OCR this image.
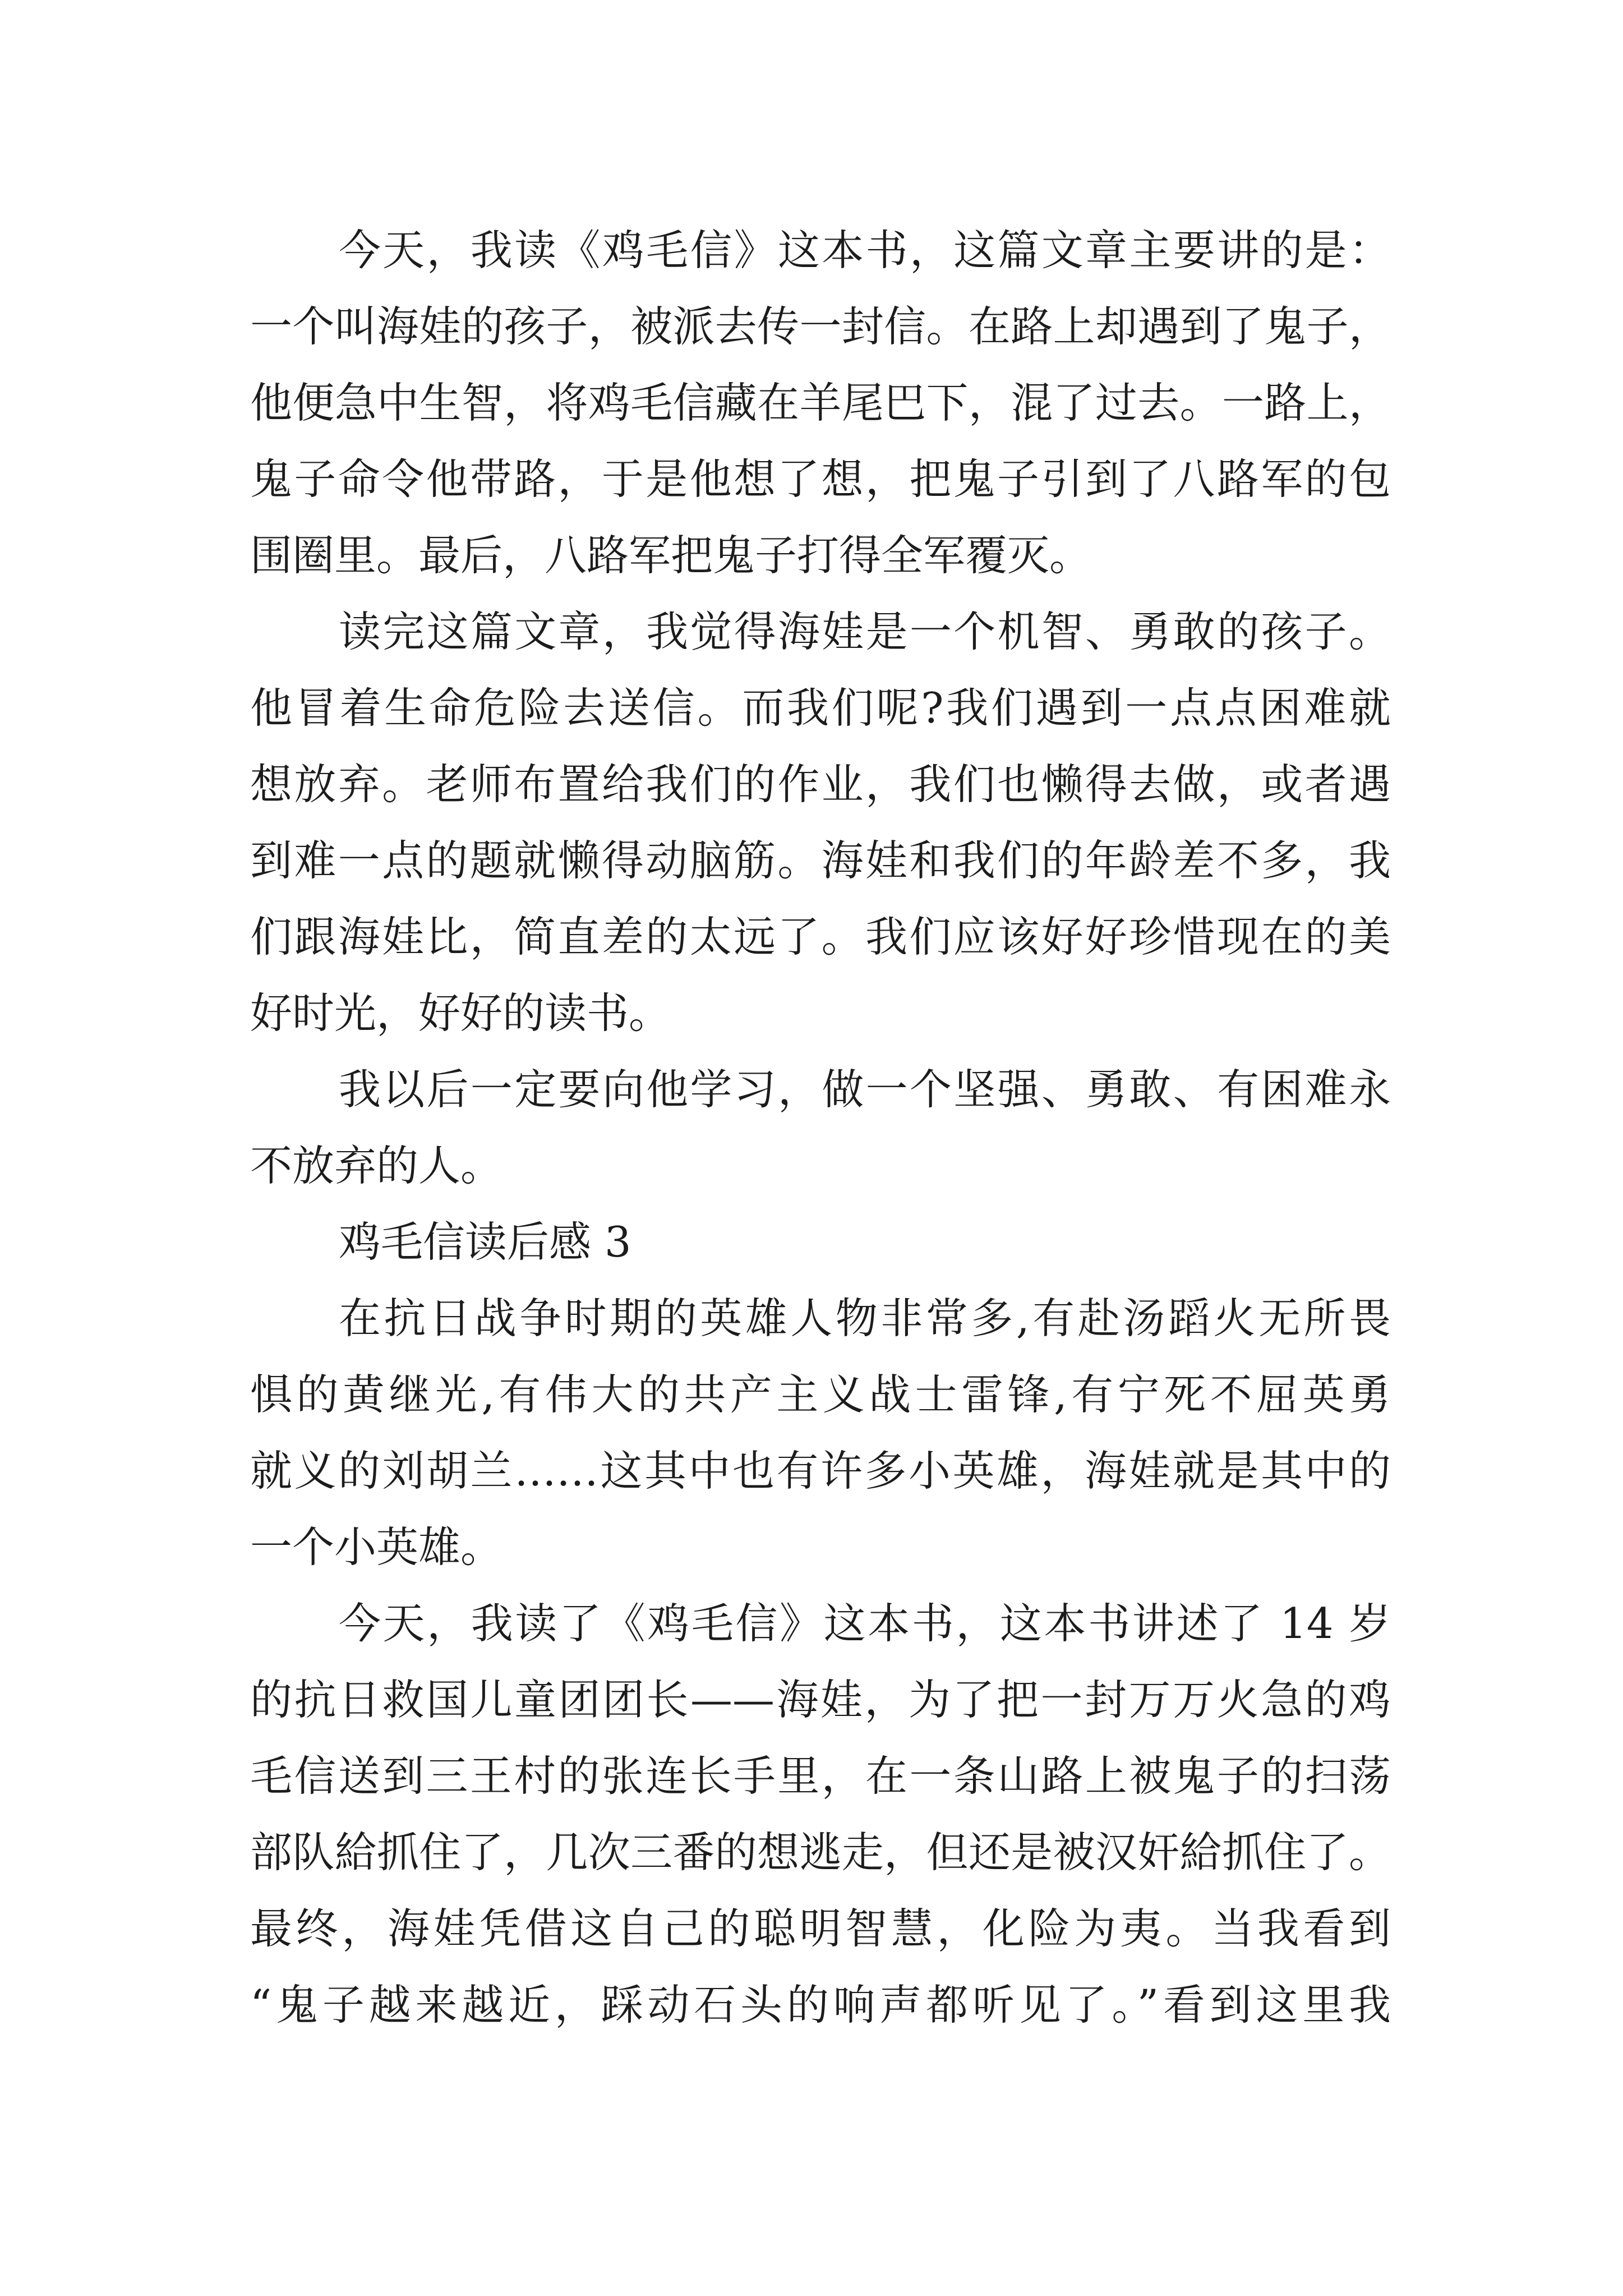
今天，我读《鸡毛信》这本书，这篇文章主要讲的是：
一个叫海娃的孩子，被派去传一封信。在路上却遇到了鬼子，
他便急中生智，将鸡毛信藏在羊尾巴下，混了过去。一路上，
鬼子命令他带路，于是他想了想，把鬼子引到了八路军的包
围圈里。最后，八路军把鬼子打得全军覆灭。
读完这篇文章，我觉得海娃是一个机智、勇敢的孩子。
他冒着生命危险去送信。而我们呢?我们遇到一点点困难就
想放弃。老师布置给我们的作业，我们也懒得去做，或者遇
到难一点的题就懒得动脑筋。海娃和我们的年龄差不多，我
们跟海娃比，简直差的太远了。我们应该好好珍惜现在的美
好时光，好好的读书。
我以后一定要向他学习，做一个坚强、勇敢、有困难永
不放弃的人。
鸡毛信读后感 3
在抗日战争时期的英雄人物非常多,有赴汤蹈火无所畏
惧的黄继光,有伟大的共产主义战士雷锋,有宁死不屈英勇
就义的刘胡兰……这其中也有许多小英雄，海娃就是其中的
一个小英雄。
今天，我读了《鸡毛信》这本书，这本书讲述了 14 岁
的抗日救国儿童团团长——海娃，为了把一封万万火急的鸡
毛信送到三王村的张连长手里，在一条山路上被鬼子的扫荡
部队給抓住了，几次三番的想逃走，但还是被汉奸給抓住了。
最终，海娃凭借这自己的聪明智慧，化险为夷。当我看到
“鬼子越来越近，踩动石头的响声都听见了。”看到这里我
